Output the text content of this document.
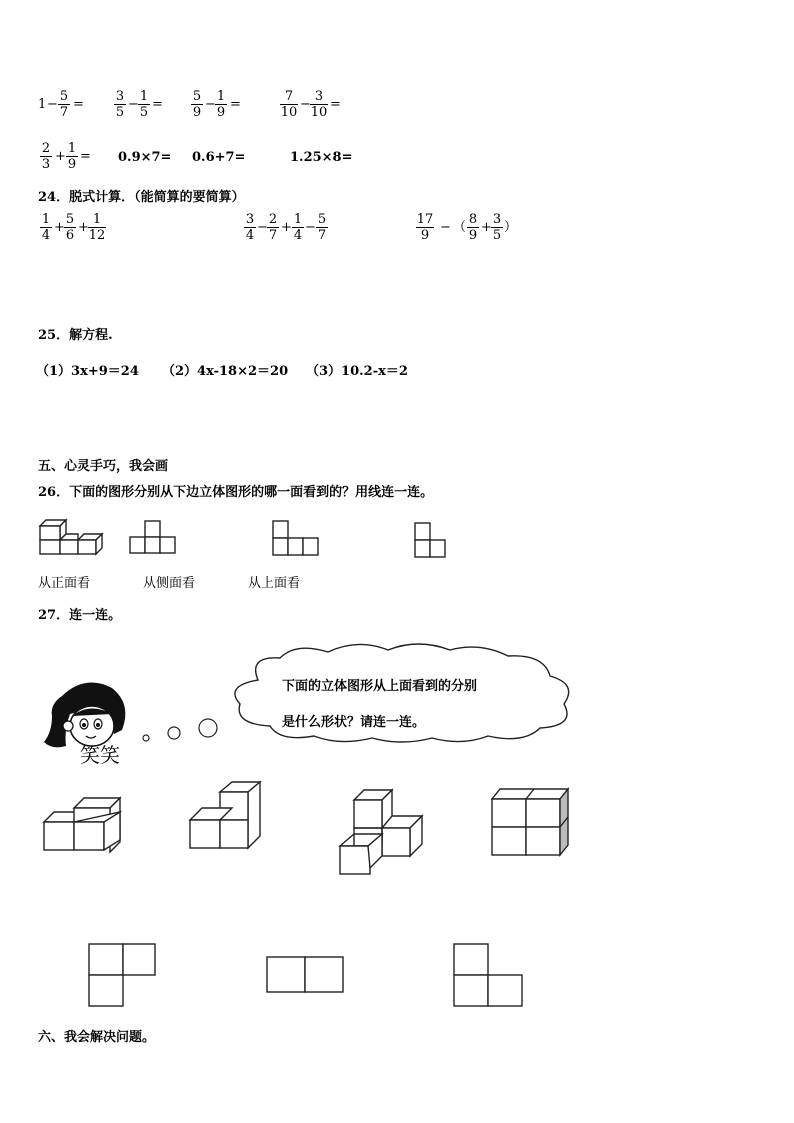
$1 - \frac{5}{7} = \frac{3}{5} - \frac{1}{5} = \frac{5}{9} - \frac{1}{9}$ =	$\frac{7}{10} - \frac{3}{10}$ =
$\frac{2}{3} + \frac{1}{9} = 0.9\times 7= 0.6+7=$	1.25×8=
24．脱式计算．（能简算的要简算）
$\frac{1}{4} + \frac{5}{6} + \frac{1}{12}$	$\frac{3}{4} - \frac{2}{7} + \frac{1}{4} - \frac{5}{7}$	$\frac{17}{9}$ − （ $\frac{8}{9} + \frac{3}{5}$ ）
25．解方程.
（1）3x+9＝24 （2）4x-18×2＝20 （3）10.2-x＝2
五、心灵手巧，我会画
26．下面的图形分别从下边立体图形的哪一面看到的？用线连一连。
从正面看	从侧面看	从上面看
27．连一连。
笑笑
下面的立体图形从上面看到的分别
是什么形状？请连一连。
六、我会解决问题。
